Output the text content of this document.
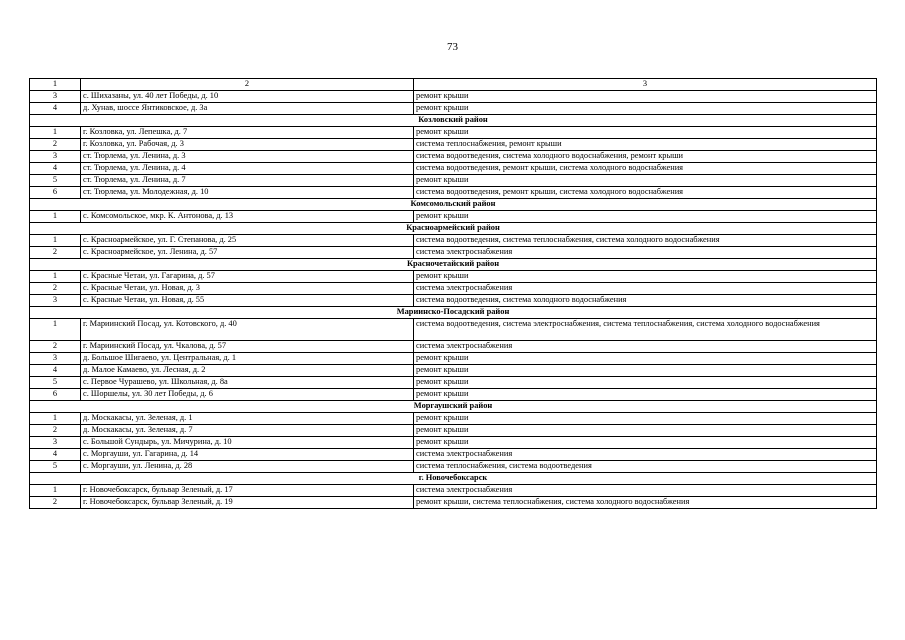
73
1	2	3
3	с. Шихазаны, ул. 40 лет Победы, д. 10	ремонт крыши
4	д. Хунав, шоссе Янтиковское, д. 3а	ремонт крыши
Козловский район		
1	г. Козловка, ул. Лепешка, д. 7	ремонт крыши
2	г. Козловка, ул. Рабочая, д. 3	система теплоснабжения, ремонт крыши
3	ст. Тюрлема, ул. Ленина, д. 3	система водоотведения, система холодного водоснабжения, ремонт крыши
4	ст. Тюрлема, ул. Ленина, д. 4	система водоотведения, ремонт крыши, система холодного водоснабжения
5	ст. Тюрлема, ул. Ленина, д. 7	ремонт крыши
6	ст. Тюрлема, ул. Молодежная, д. 10	система водоотведения, ремонт крыши, система холодного водоснабжения
Комсомольский район		
1	с. Комсомольское, мкр. К. Антонова, д. 13	ремонт крыши
Красноармейский район		
1	с. Красноармейское, ул. Г. Степанова, д. 25	система водоотведения, система теплоснабжения, система холодного водоснабжения
2	с. Красноармейское, ул. Ленина, д. 57	система электроснабжения
Красночетайский район		
1	с. Красные Четаи, ул. Гагарина, д. 57	ремонт крыши
2	с. Красные Четаи, ул. Новая, д. 3	система электроснабжения
3	с. Красные Четаи, ул. Новая, д. 55	система водоотведения, система холодного водоснабжения
Мариинско-Посадский район		
1	г. Мариинский Посад, ул. Котовского, д. 40	система водоотведения, система электроснабжения, система теплоснабжения, система холодного водоснабжения
2	г. Мариинский Посад, ул. Чкалова, д. 57	система электроснабжения
3	д. Большое Шигаево, ул. Центральная, д. 1	ремонт крыши
4	д. Малое Камаево, ул. Лесная, д. 2	ремонт крыши
5	с. Первое Чурашево, ул. Школьная, д. 8а	ремонт крыши
6	с. Шоршелы, ул. 30 лет Победы, д. 6	ремонт крыши
Моргаушский район		
1	д. Москакасы, ул. Зеленая, д. 1	ремонт крыши
2	д. Москакасы, ул. Зеленая, д. 7	ремонт крыши
3	с. Большой Сундырь, ул. Мичурина, д. 10	ремонт крыши
4	с. Моргауши, ул. Гагарина, д. 14	система электроснабжения
5	с. Моргауши, ул. Ленина, д. 28	система теплоснабжения, система водоотведения
г. Новочебоксарск		
1	г. Новочебоксарск, бульвар Зеленый, д. 17	система электроснабжения
2	г. Новочебоксарск, бульвар Зеленый, д. 19	ремонт крыши, система теплоснабжения, система холодного водоснабжения
